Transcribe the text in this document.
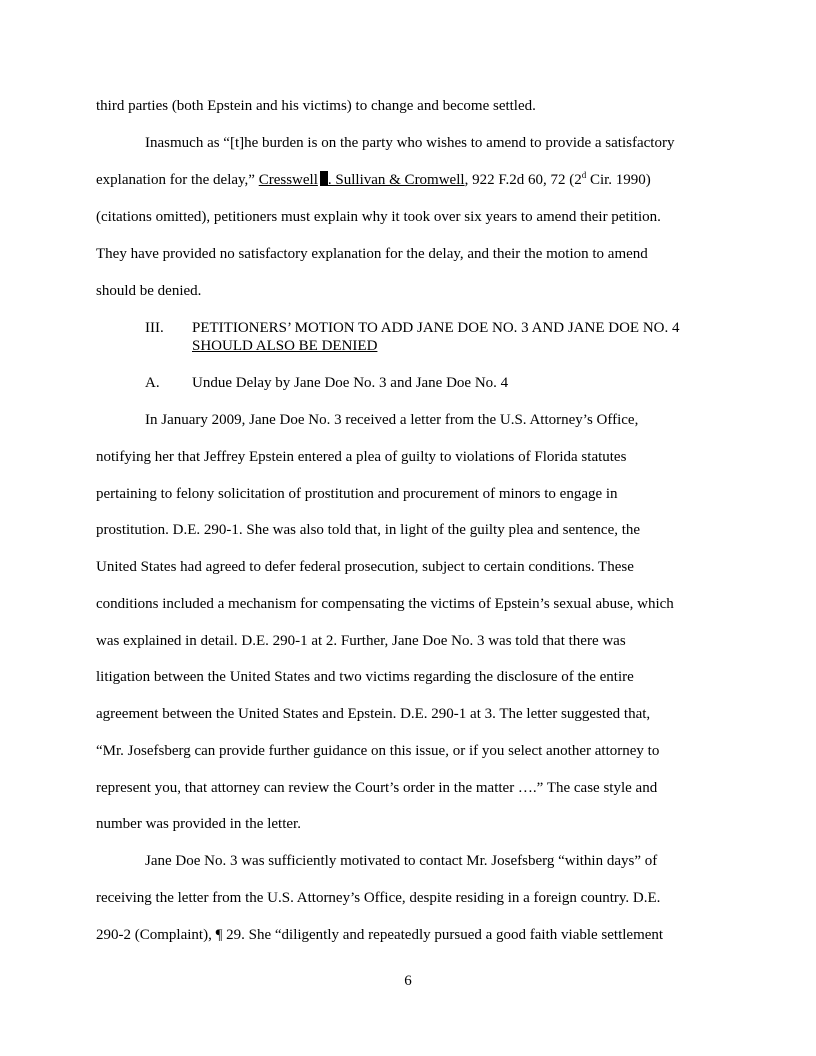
third parties (both Epstein and his victims) to change and become settled.
Inasmuch as “[t]he burden is on the party who wishes to amend to provide a satisfactory
explanation for the delay,” Cresswell . Sullivan & Cromwell, 922 F.2d 60, 72 (2$^d$ Cir. 1990)
(citations omitted), petitioners must explain why it took over six years to amend their petition.
They have provided no satisfactory explanation for the delay, and their the motion to amend
should be denied.
III. PETITIONERS’ MOTION TO ADD JANE DOE NO. 3 AND JANE DOE NO. 4
SHOULD ALSO BE DENIED
A. Undue Delay by Jane Doe No. 3 and Jane Doe No. 4
In January 2009, Jane Doe No. 3 received a letter from the U.S. Attorney’s Office,
notifying her that Jeffrey Epstein entered a plea of guilty to violations of Florida statutes
pertaining to felony solicitation of prostitution and procurement of minors to engage in
prostitution. D.E. 290-1. She was also told that, in light of the guilty plea and sentence, the
United States had agreed to defer federal prosecution, subject to certain conditions. These
conditions included a mechanism for compensating the victims of Epstein’s sexual abuse, which
was explained in detail. D.E. 290-1 at 2. Further, Jane Doe No. 3 was told that there was
litigation between the United States and two victims regarding the disclosure of the entire
agreement between the United States and Epstein. D.E. 290-1 at 3. The letter suggested that,
“Mr. Josefsberg can provide further guidance on this issue, or if you select another attorney to
represent you, that attorney can review the Court’s order in the matter ….” The case style and
number was provided in the letter.
Jane Doe No. 3 was sufficiently motivated to contact Mr. Josefsberg “within days” of
receiving the letter from the U.S. Attorney’s Office, despite residing in a foreign country. D.E.
290-2 (Complaint), ¶ 29. She “diligently and repeatedly pursued a good faith viable settlement
6
